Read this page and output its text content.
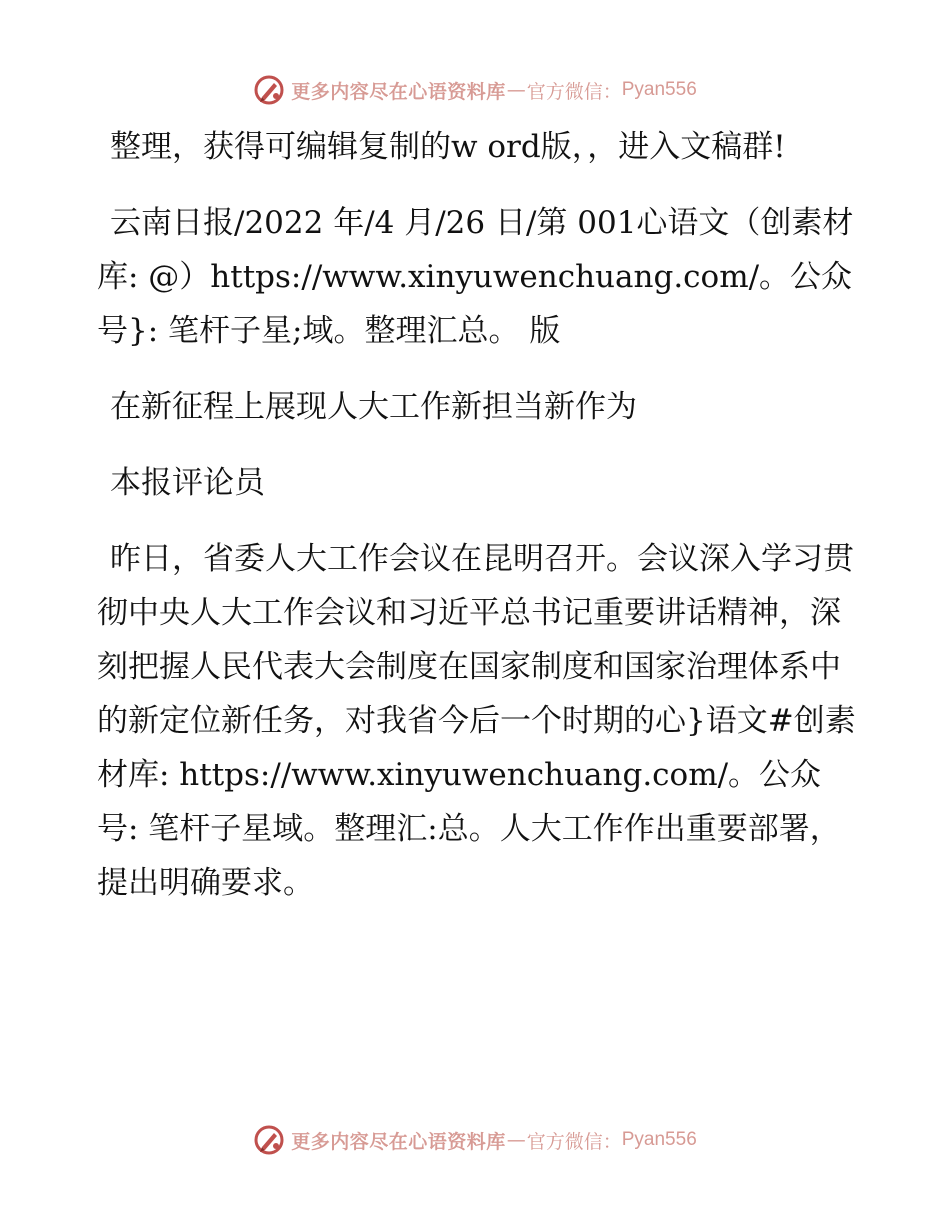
更多内容尽在心语资料库 — 官方微信： Pyan556
整理，获得可编辑复制的w ord版，，进入文稿群!
云南日报/2022 年/4 月/26 日/第 001心语文（创素材库: @）https://www.xinyuwenchuang.com/。公众号}: 笔杆子星;域。整理汇总。 版
在新征程上展现人大工作新担当新作为
本报评论员
昨日，省委人大工作会议在昆明召开。会议深入学习贯彻中央人大工作会议和习近平总书记重要讲话精神，深刻把握人民代表大会制度在国家制度和国家治理体系中的新定位新任务，对我省今后一个时期的心}语文#创素材库: https://www.xinyuwenchuang.com/。公众号: 笔杆子星域。整理汇:总。人大工作作出重要部署，提出明确要求。
更多内容尽在心语资料库 — 官方微信： Pyan556
